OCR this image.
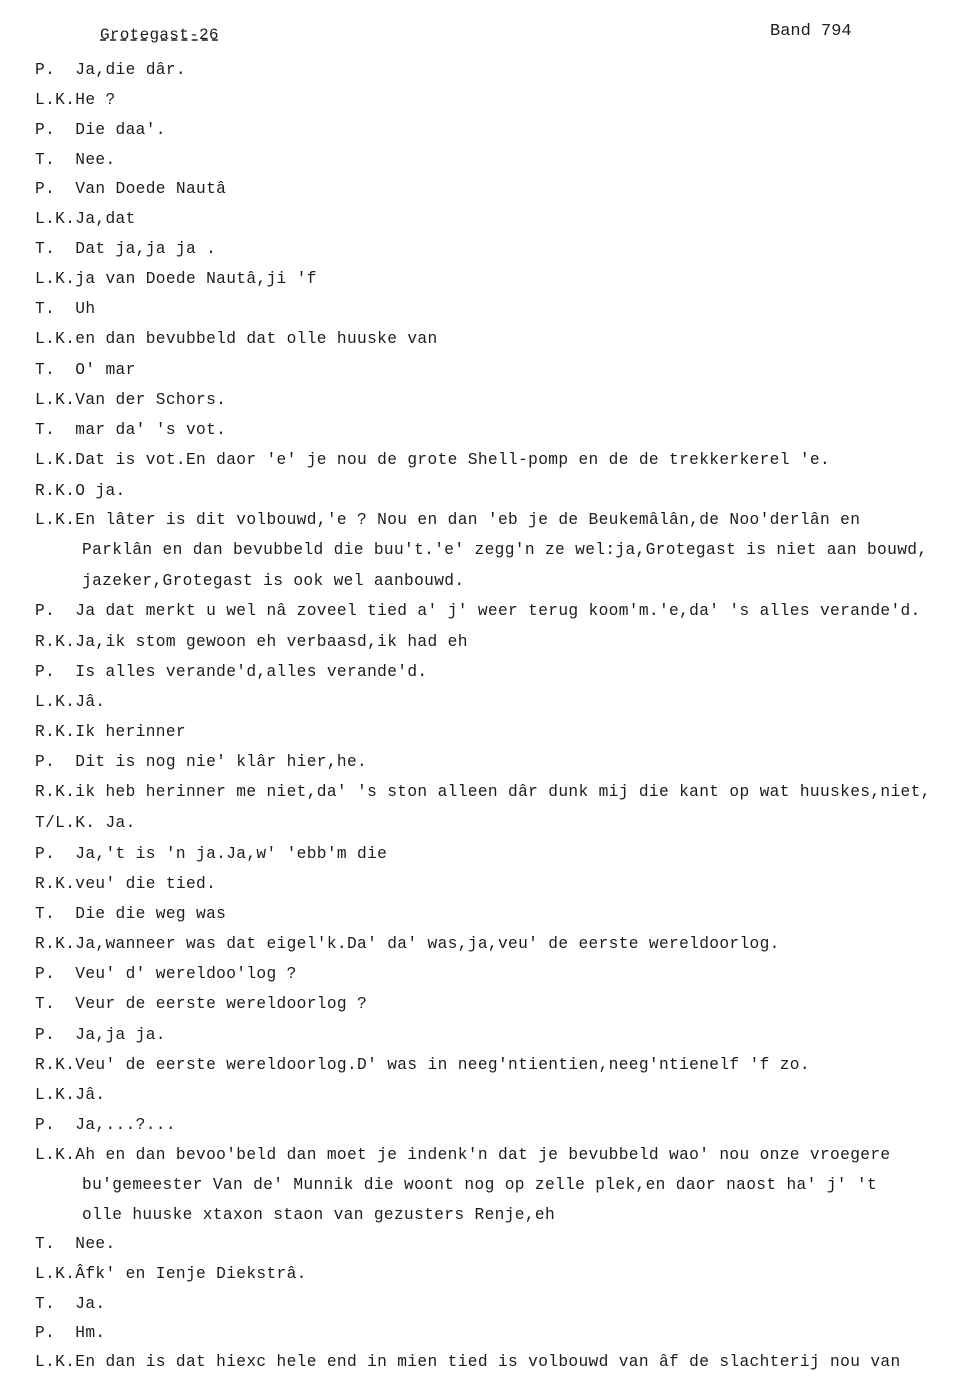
Grotegast-26	Band 794
P.  Ja,die dâr.
L.K.He ?
P.  Die daa'.
T.  Nee.
P.  Van Doede Nautâ
L.K.Ja,dat
T.  Dat ja,ja ja .
L.K.ja van Doede Nautâ,ji 'f
T.  Uh
L.K.en dan bevubbeld dat olle huuske van
T.  O' mar
L.K.Van der Schors.
T.  mar da' 's vot.
L.K.Dat is vot.En daor 'e' je nou de grote Shell-pomp en de de trekkerkerel 'e.
R.K.O ja.
L.K.En lâter is dit volbouwd,'e ? Nou en dan 'eb je de Beukemâlân,de Noo'derlân en
Parklân en dan bevubbeld die buu't.'e' zegg'n ze wel:ja,Grotegast is niet aan bouwd,
jazeker,Grotegast is ook wel aanbouwd.
P.  Ja dat merkt u wel nâ zoveel tied a' j' weer terug koom'm.'e,da' 's alles verande'd.
R.K.Ja,ik stom gewoon eh verbaasd,ik had eh
P.  Is alles verande'd,alles verande'd.
L.K.Jâ.
R.K.Ik herinner
P.  Dit is nog nie' klâr hier,he.
R.K.ik heb herinner me niet,da' 's ston alleen dâr dunk mij die kant op wat huuskes,niet,
T/L.K. Ja.
P.  Ja,'t is 'n ja.Ja,w' 'ebb'm die
R.K.veu' die tied.
T.  Die die weg was
R.K.Ja,wanneer was dat eigel'k.Da' da' was,ja,veu' de eerste wereldoorlog.
P.  Veu' d' wereldoo'log ?
T.  Veur de eerste wereldoorlog ?
P.  Ja,ja ja.
R.K.Veu' de eerste wereldoorlog.D' was in neeg'ntientien,neeg'ntienelf 'f zo.
L.K.Jâ.
P.  Ja,...?...
L.K.Ah en dan bevoo'beld dan moet je indenk'n dat je bevubbeld wao' nou onze vroegere
bu'gemeester Van de' Munnik die woont nog op zelle plek,en daor naost ha' j' 't
olle huuske xtaxon staon van gezusters Renje,eh
T.  Nee.
L.K.Âfk' en Ienje Diekstrâ.
T.  Ja.
P.  Hm.
L.K.En dan is dat hiexc hele end in mien tied is volbouwd van âf de slachterij nou van
